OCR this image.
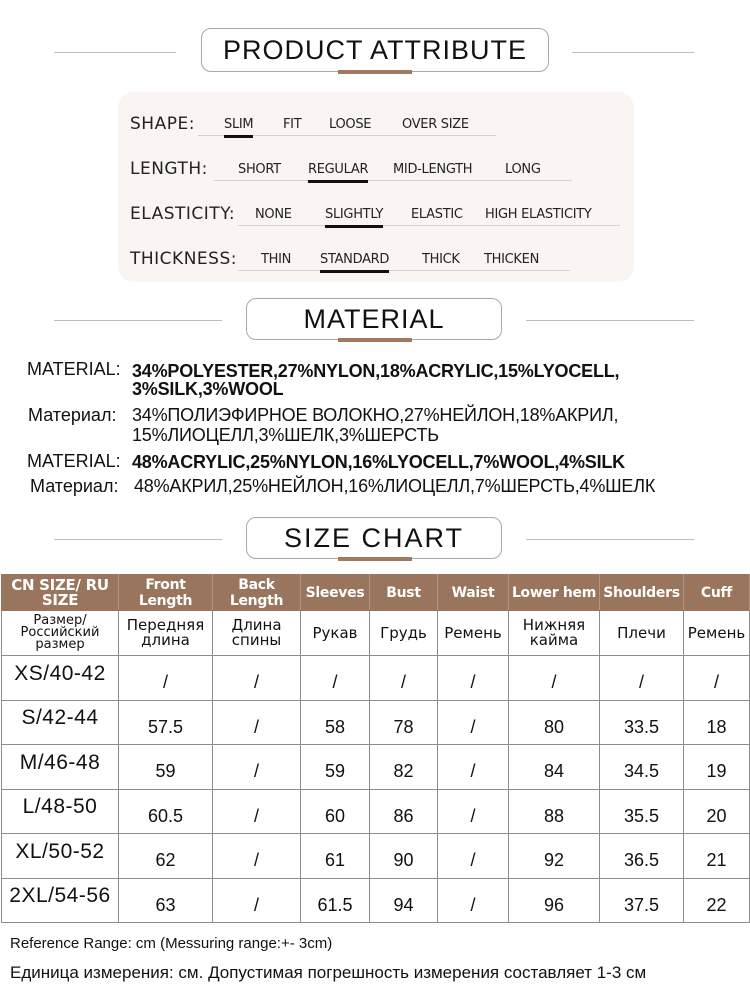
PRODUCT ATTRIBUTE
SHAPE: SLIM FIT LOOSE OVER SIZE
LENGTH: SHORT REGULAR MID-LENGTH	LONG
ELASTICITY: NONE	SLIGHTLY ELASTIC HIGH ELASTICITY
THICKNESS: THIN STANDARD	THICK THICKEN
MATERIAL
MATERIAL: 34%POLYESTER,27%NYLON,18%ACRYLIC,15%LYOCELL,
3%SILK,3%WOOL
Материал: 34%ПОЛИЭФИРНОЕ ВОЛОКНО,27%НЕЙЛОН,18%АКРИЛ,
15%ЛИОЦЕЛЛ,3%ШЕЛК,3%ШЕРСТЬ
MATERIAL: 48%ACRYLIC,25%NYLON,16%LYOCELL,7%WOOL,4%SILK
Материал: 48%АКРИЛ,25%НЕЙЛОН,16%ЛИОЦЕЛЛ,7%ШЕРСТЬ,4%ШЕЛК
SIZE CHART
CN SIZE/ RU SIZE	Front Length	Back Length	Sleeves	Bust	Waist	Lower hem	Shoulders	Cuff
Размер/ Российский размер	Передняя длина	Длина спины	Рукав	Грудь	Ремень	Нижняя кайма	Плечи	Ремень
XS/40-42	/	/	/	/	/	/	/	/
S/42-44	57.5	/	58	78	/	80	33.5	18
M/46-48	59	/	59	82	/	84	34.5	19
L/48-50	60.5	/	60	86	/	88	35.5	20
XL/50-52	62	/	61	90	/	92	36.5	21
2XL/54-56	63	/	61.5	94	/	96	37.5	22
Reference Range: cm (Messuring range:+- 3cm)
Единица измерения: см. Допустимая погрешность измерения составляет 1-3 см
